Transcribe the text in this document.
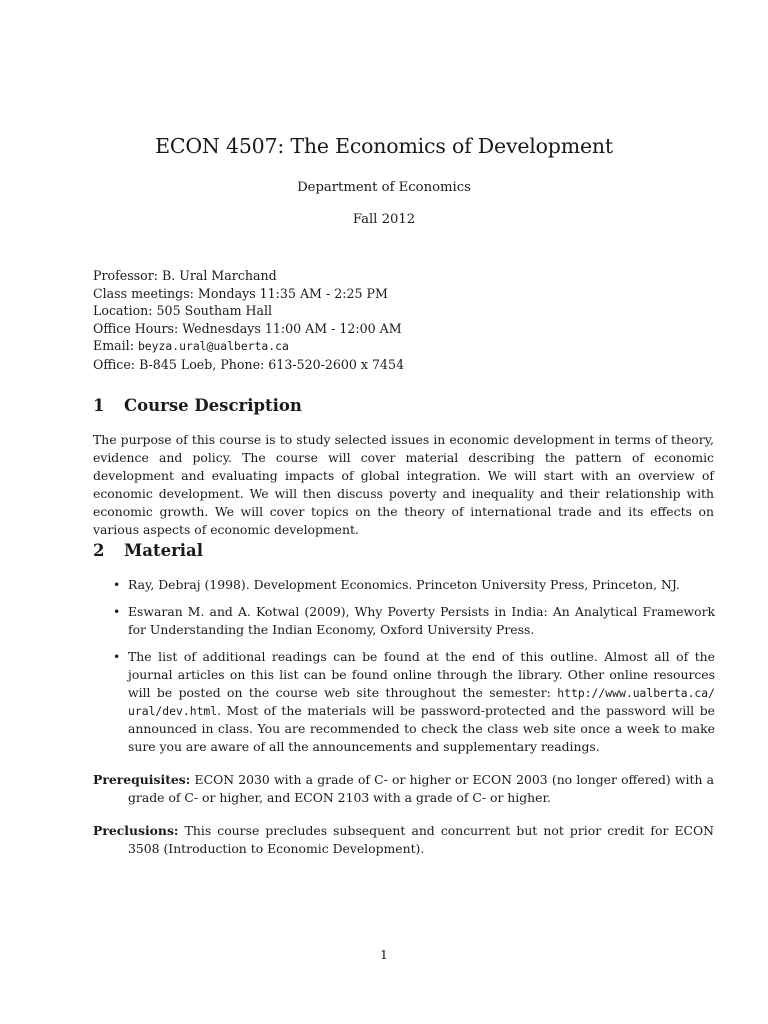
ECON 4507: The Economics of Development
Department of Economics
Fall 2012
Professor: B. Ural Marchand
Class meetings: Mondays 11:35 AM - 2:25 PM
Location: 505 Southam Hall
Office Hours: Wednesdays 11:00 AM - 12:00 AM
Email: beyza.ural@ualberta.ca
Office: B-845 Loeb, Phone: 613-520-2600 x 7454
1 Course Description
The purpose of this course is to study selected issues in economic development in terms of theory, evidence and policy. The course will cover material describing the pattern of economic development and evaluating impacts of global integration. We will start with an overview of economic development. We will then discuss poverty and inequality and their relationship with economic growth. We will cover topics on the theory of international trade and its effects on various aspects of economic development.
2 Material
• Ray, Debraj (1998). Development Economics. Princeton University Press, Princeton, NJ.
• Eswaran M. and A. Kotwal (2009), Why Poverty Persists in India: An Analytical Framework for Understanding the Indian Economy, Oxford University Press.
• The list of additional readings can be found at the end of this outline. Almost all of the journal articles on this list can be found online through the library. Other online resources will be posted on the course web site throughout the semester: http://www.ualberta.ca/ ural/dev.html. Most of the materials will be password-protected and the password will be announced in class. You are recommended to check the class web site once a week to make sure you are aware of all the announcements and supplementary readings.
Prerequisites: ECON 2030 with a grade of C- or higher or ECON 2003 (no longer offered) with a grade of C- or higher, and ECON 2103 with a grade of C- or higher.
Preclusions: This course precludes subsequent and concurrent but not prior credit for ECON 3508 (Introduction to Economic Development).
1
